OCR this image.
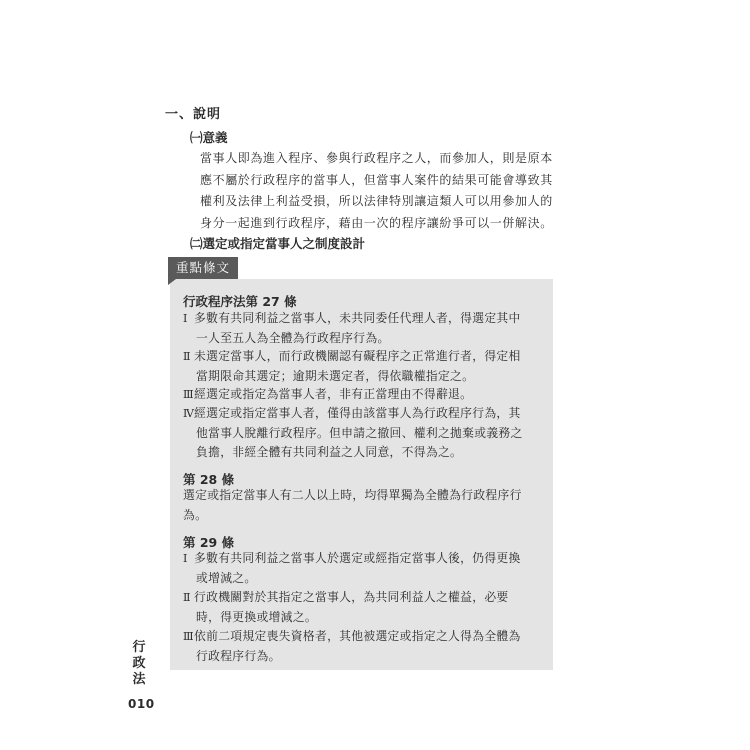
一、說明
㈠意義
當事人即為進入程序、參與行政程序之人，而參加人，則是原本
應不屬於行政程序的當事人，但當事人案件的結果可能會導致其
權利及法律上利益受損，所以法律特別讓這類人可以用參加人的
身分一起進到行政程序，藉由一次的程序讓紛爭可以一併解決。
㈡選定或指定當事人之制度設計
重點條文
行政程序法第 27 條
Ⅰ 多數有共同利益之當事人，未共同委任代理人者，得選定其中
一人至五人為全體為行政程序行為。
Ⅱ 未選定當事人，而行政機關認有礙程序之正常進行者，得定相
當期限命其選定；逾期未選定者，得依職權指定之。
Ⅲ經選定或指定為當事人者，非有正當理由不得辭退。
Ⅳ經選定或指定當事人者，僅得由該當事人為行政程序行為，其
他當事人脫離行政程序。但申請之撤回、權利之拋棄或義務之
負擔，非經全體有共同利益之人同意，不得為之。
第 28 條
選定或指定當事人有二人以上時，均得單獨為全體為行政程序行
為。
第 29 條
Ⅰ 多數有共同利益之當事人於選定或經指定當事人後，仍得更換
或增減之。
Ⅱ 行政機關對於其指定之當事人，為共同利益人之權益，必要
時，得更換或增減之。
Ⅲ依前二項規定喪失資格者，其他被選定或指定之人得為全體為
行政程序行為。
行
政
法
010
